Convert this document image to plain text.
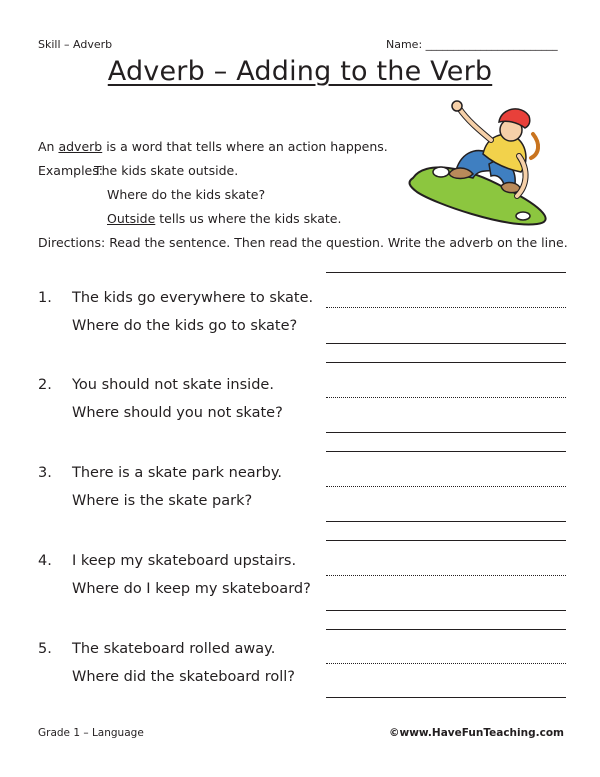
Skill – Adverb	Name: ________________________
Adverb – Adding to the Verb
An adverb is a word that tells where an action happens.
Examples:The kids skate outside.
Where do the kids skate?
Outside tells us where the kids skate.
Directions: Read the sentence. Then read the question. Write the adverb on the line.
1. The kids go everywhere to skate.
Where do the kids go to skate?
2. You should not skate inside.
Where should you not skate?
3. There is a skate park nearby.
Where is the skate park?
4. I keep my skateboard upstairs.
Where do I keep my skateboard?
5. The skateboard rolled away.
Where did the skateboard roll?
Grade 1 – Language	©www.HaveFunTeaching.com
